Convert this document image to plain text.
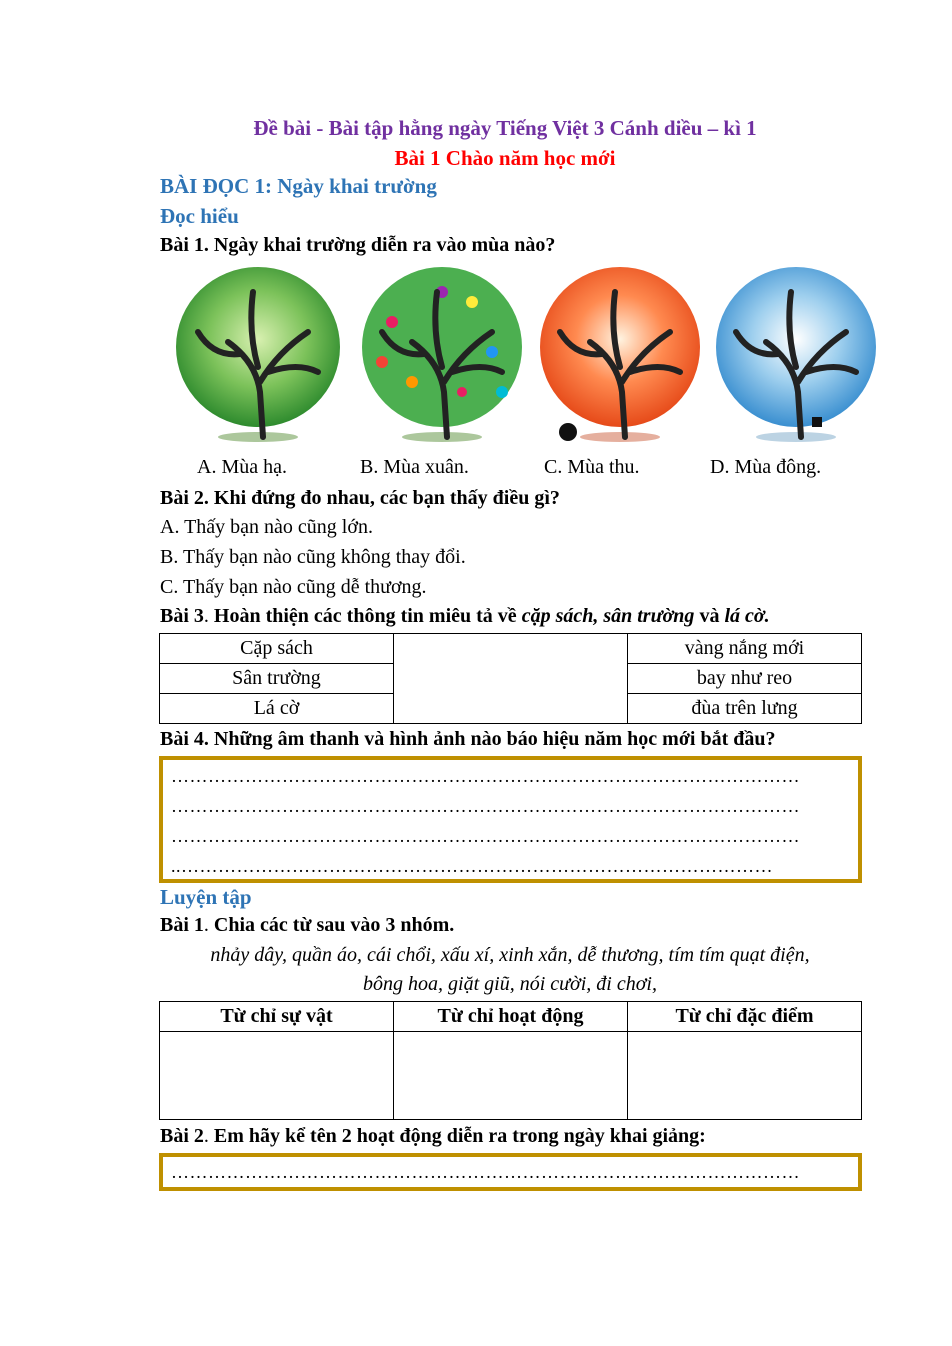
Đề bài - Bài tập hằng ngày Tiếng Việt 3 Cánh diều – kì 1
Bài 1 Chào năm học mới
BÀI ĐỌC 1: Ngày khai trường
Đọc hiểu
Bài 1. Ngày khai trường diễn ra vào mùa nào?
A. Mùa hạ.	B. Mùa xuân.	C. Mùa thu.	D. Mùa đông.
Bài 2. Khi đứng đo nhau, các bạn thấy điều gì?
A. Thấy bạn nào cũng lớn.
B. Thấy bạn nào cũng không thay đổi.
C. Thấy bạn nào cũng dễ thương.
Bài 3. Hoàn thiện các thông tin miêu tả về cặp sách, sân trường và lá cờ.
Cặp sách		vàng nắng mới
Sân trường		bay như reo
Lá cờ		đùa trên lưng
Bài 4. Những âm thanh và hình ảnh nào báo hiệu năm học mới bắt đầu?
…………………………………………………………………………………………
…………………………………………………………………………………………
…………………………………………………………………………………………
..……………………………………………………………………………………
Luyện tập
Bài 1. Chia các từ sau vào 3 nhóm.
nhảy dây, quần áo, cái chổi, xấu xí, xinh xắn, dễ thương, tím tím quạt điện,
bông hoa, giặt giũ, nói cười, đi chơi,
Từ chỉ sự vật	Từ chỉ hoạt động	Từ chỉ đặc điểm

Bài 2. Em hãy kể tên 2 hoạt động diễn ra trong ngày khai giảng:
…………………………………………………………………………………………
